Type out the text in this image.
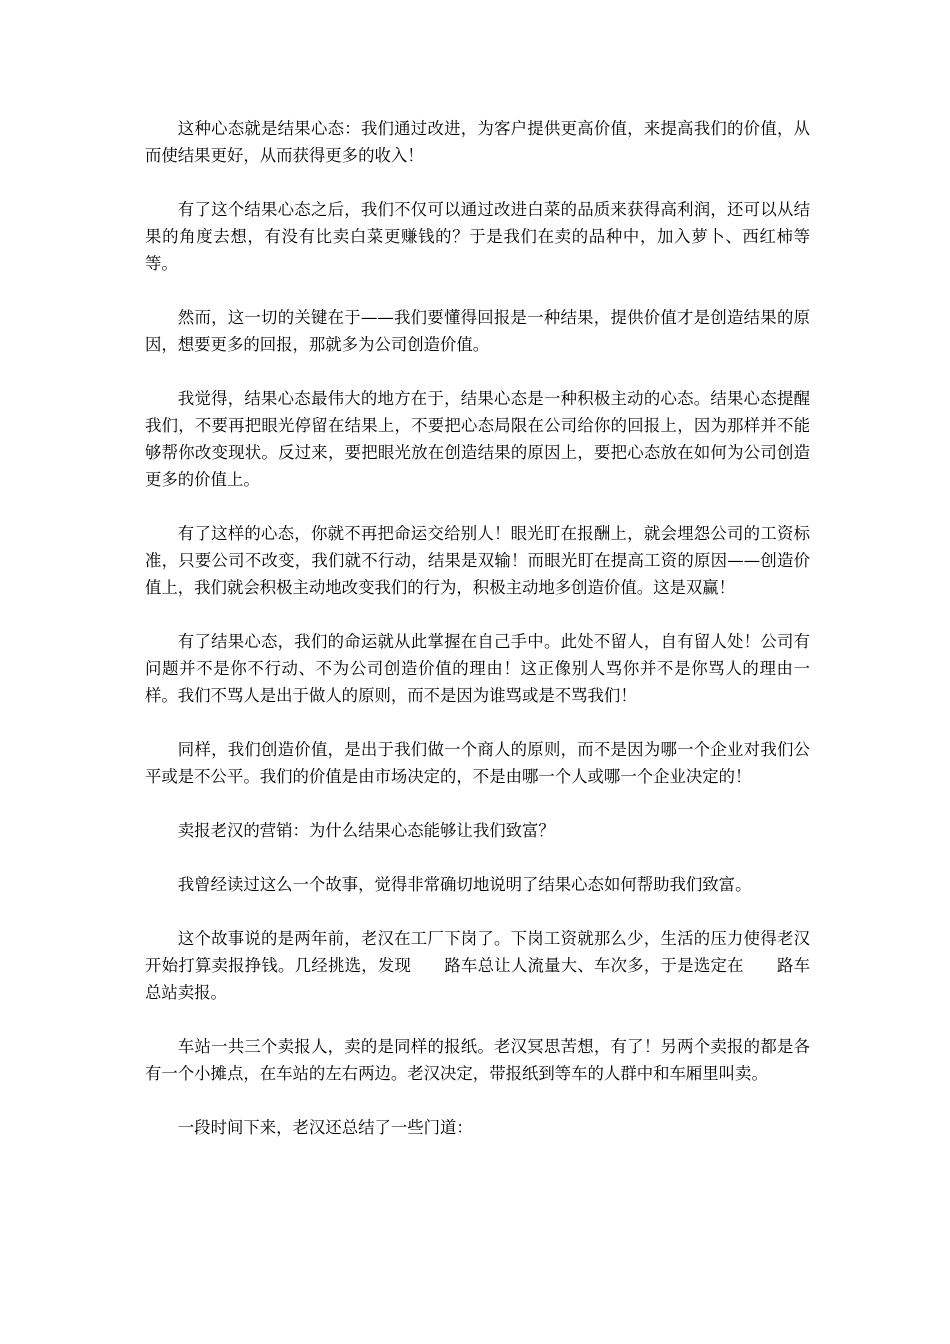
这种心态就是结果心态：我们通过改进，为客户提供更高价值，来提高我们的价值，从而使结果更好，从而获得更多的收入！

有了这个结果心态之后，我们不仅可以通过改进白菜的品质来获得高利润，还可以从结果的角度去想，有没有比卖白菜更赚钱的？于是我们在卖的品种中，加入萝卜、西红柿等等。

然而，这一切的关键在于——我们要懂得回报是一种结果，提供价值才是创造结果的原因，想要更多的回报，那就多为公司创造价值。

我觉得，结果心态最伟大的地方在于，结果心态是一种积极主动的心态。结果心态提醒我们，不要再把眼光停留在结果上，不要把心态局限在公司给你的回报上，因为那样并不能够帮你改变现状。反过来，要把眼光放在创造结果的原因上，要把心态放在如何为公司创造更多的价值上。

有了这样的心态，你就不再把命运交给别人！眼光盯在报酬上，就会埋怨公司的工资标准，只要公司不改变，我们就不行动，结果是双输！而眼光盯在提高工资的原因——创造价值上，我们就会积极主动地改变我们的行为，积极主动地多创造价值。这是双赢！

有了结果心态，我们的命运就从此掌握在自己手中。此处不留人，自有留人处！公司有问题并不是你不行动、不为公司创造价值的理由！这正像别人骂你并不是你骂人的理由一样。我们不骂人是出于做人的原则，而不是因为谁骂或是不骂我们！

同样，我们创造价值，是出于我们做一个商人的原则，而不是因为哪一个企业对我们公平或是不公平。我们的价值是由市场决定的，不是由哪一个人或哪一个企业决定的！

卖报老汉的营销：为什么结果心态能够让我们致富？

我曾经读过这么一个故事，觉得非常确切地说明了结果心态如何帮助我们致富。

这个故事说的是两年前，老汉在工厂下岗了。下岗工资就那么少，生活的压力使得老汉开始打算卖报挣钱。几经挑选，发现　　路车总让人流量大、车次多，于是选定在　　路车总站卖报。

车站一共三个卖报人，卖的是同样的报纸。老汉冥思苦想，有了！另两个卖报的都是各有一个小摊点，在车站的左右两边。老汉决定，带报纸到等车的人群中和车厢里叫卖。

一段时间下来，老汉还总结了一些门道：
